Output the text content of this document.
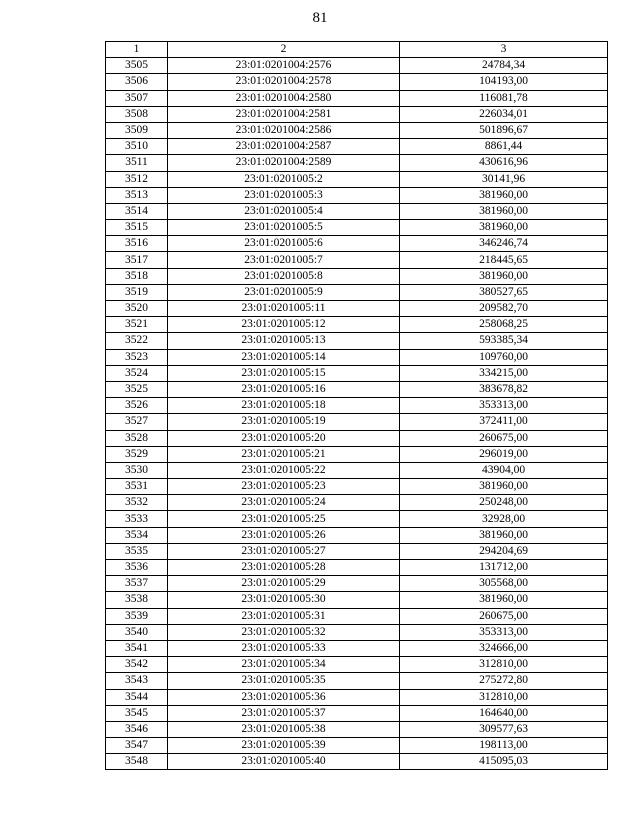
81
1	2	3
3505	23:01:0201004:2576	24784,34
3506	23:01:0201004:2578	104193,00
3507	23:01:0201004:2580	116081,78
3508	23:01:0201004:2581	226034,01
3509	23:01:0201004:2586	501896,67
3510	23:01:0201004:2587	8861,44
3511	23:01:0201004:2589	430616,96
3512	23:01:0201005:2	30141,96
3513	23:01:0201005:3	381960,00
3514	23:01:0201005:4	381960,00
3515	23:01:0201005:5	381960,00
3516	23:01:0201005:6	346246,74
3517	23:01:0201005:7	218445,65
3518	23:01:0201005:8	381960,00
3519	23:01:0201005:9	380527,65
3520	23:01:0201005:11	209582,70
3521	23:01:0201005:12	258068,25
3522	23:01:0201005:13	593385,34
3523	23:01:0201005:14	109760,00
3524	23:01:0201005:15	334215,00
3525	23:01:0201005:16	383678,82
3526	23:01:0201005:18	353313,00
3527	23:01:0201005:19	372411,00
3528	23:01:0201005:20	260675,00
3529	23:01:0201005:21	296019,00
3530	23:01:0201005:22	43904,00
3531	23:01:0201005:23	381960,00
3532	23:01:0201005:24	250248,00
3533	23:01:0201005:25	32928,00
3534	23:01:0201005:26	381960,00
3535	23:01:0201005:27	294204,69
3536	23:01:0201005:28	131712,00
3537	23:01:0201005:29	305568,00
3538	23:01:0201005:30	381960,00
3539	23:01:0201005:31	260675,00
3540	23:01:0201005:32	353313,00
3541	23:01:0201005:33	324666,00
3542	23:01:0201005:34	312810,00
3543	23:01:0201005:35	275272,80
3544	23:01:0201005:36	312810,00
3545	23:01:0201005:37	164640,00
3546	23:01:0201005:38	309577,63
3547	23:01:0201005:39	198113,00
3548	23:01:0201005:40	415095,03
